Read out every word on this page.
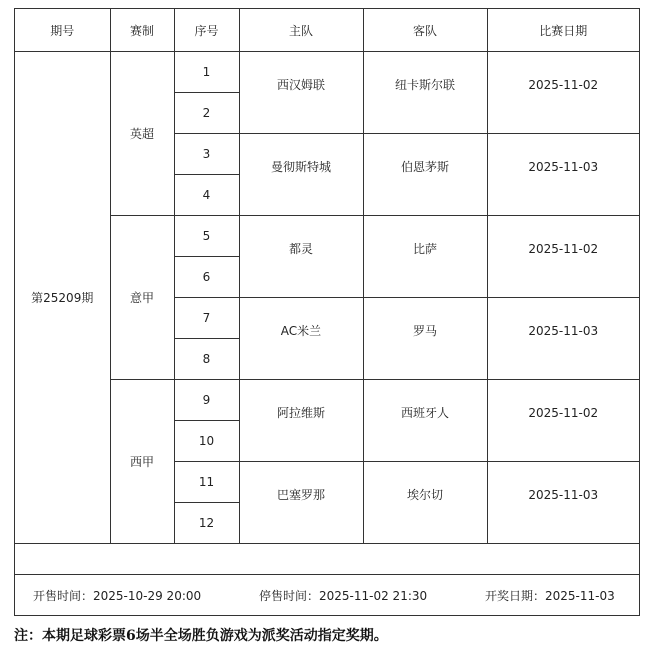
期号	赛制	序号	主队	客队	比赛日期
第25209期	英超	1	西汉姆联	纽卡斯尔联	2025-11-02
		2			
		3	曼彻斯特城	伯恩茅斯	2025-11-03
		4			
	意甲	5	都灵	比萨	2025-11-02
		6			
		7	AC米兰	罗马	2025-11-03
		8			
	西甲	9	阿拉维斯	西班牙人	2025-11-02
		10			
		11	巴塞罗那	埃尔切	2025-11-03
		12			
开售时间：2025-10-29 20:00	停售时间：2025-11-02 21:30	开奖日期：2025-11-03
注：本期足球彩票6场半全场胜负游戏为派奖活动指定奖期。
